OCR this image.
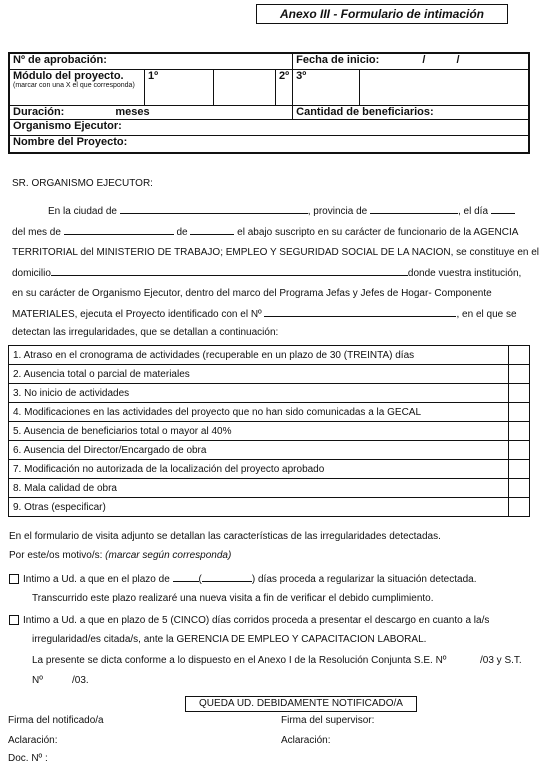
Anexo III - Formulario de intimación
Nº de aprobación:				Fecha de inicio: / /	

Módulo del proyecto.
(marcar con una X el que corresponda)	1º		2º	3º	
Duración: meses				Cantidad de beneficiarios:	
Organismo Ejecutor:					
Nombre del Proyecto:					
SR. ORGANISMO EJECUTOR:
En la ciudad de	, provincia de	, el día
del mes de	de	el abajo suscripto en su carácter de funcionario de la AGENCIA
TERRITORIAL del MINISTERIO DE TRABAJO; EMPLEO Y SEGURIDAD SOCIAL DE LA NACION, se constituye en el
domicilio	donde vuestra institución,
en su carácter de Organismo Ejecutor, dentro del marco del Programa Jefas y Jefes de Hogar- Componente
MATERIALES, ejecuta el Proyecto identificado con el Nº	, en el que se
detectan las irregularidades, que se detallan a continuación:
1. Atraso en el cronograma de actividades (recuperable en un plazo de 30 (TREINTA) días	
2. Ausencia total o parcial de materiales	
3. No inicio de actividades	
4. Modificaciones en las actividades del proyecto que no han sido comunicadas a la GECAL	
5. Ausencia de beneficiarios total o mayor al 40%	
6. Ausencia del Director/Encargado de obra	
7. Modificación no autorizada de la localización del proyecto aprobado	
8. Mala calidad de obra	
9. Otras (especificar)	
En el formulario de visita adjunto se detallan las características de las irregularidades detectadas.
Por este/os motivo/s: (marcar según corresponda)
Intimo a Ud. a que en el plazo de	(	) días proceda a regularizar la situación detectada.
Transcurrido este plazo realizaré una nueva visita a fin de verificar el debido cumplimiento.
Intimo a Ud. a que en plazo de 5 (CINCO) días corridos proceda a presentar el descargo en cuanto a la/s
irregularidad/es citada/s, ante la GERENCIA DE EMPLEO Y CAPACITACION LABORAL.
La presente se dicta conforme a lo dispuesto en el Anexo I de la Resolución Conjunta S.E. Nº	/03 y S.T.
Nº	/03.
QUEDA UD. DEBIDAMENTE NOTIFICADO/A
Firma del notificado/a	Firma del supervisor:
Aclaración:	Aclaración:
Doc. Nº :
